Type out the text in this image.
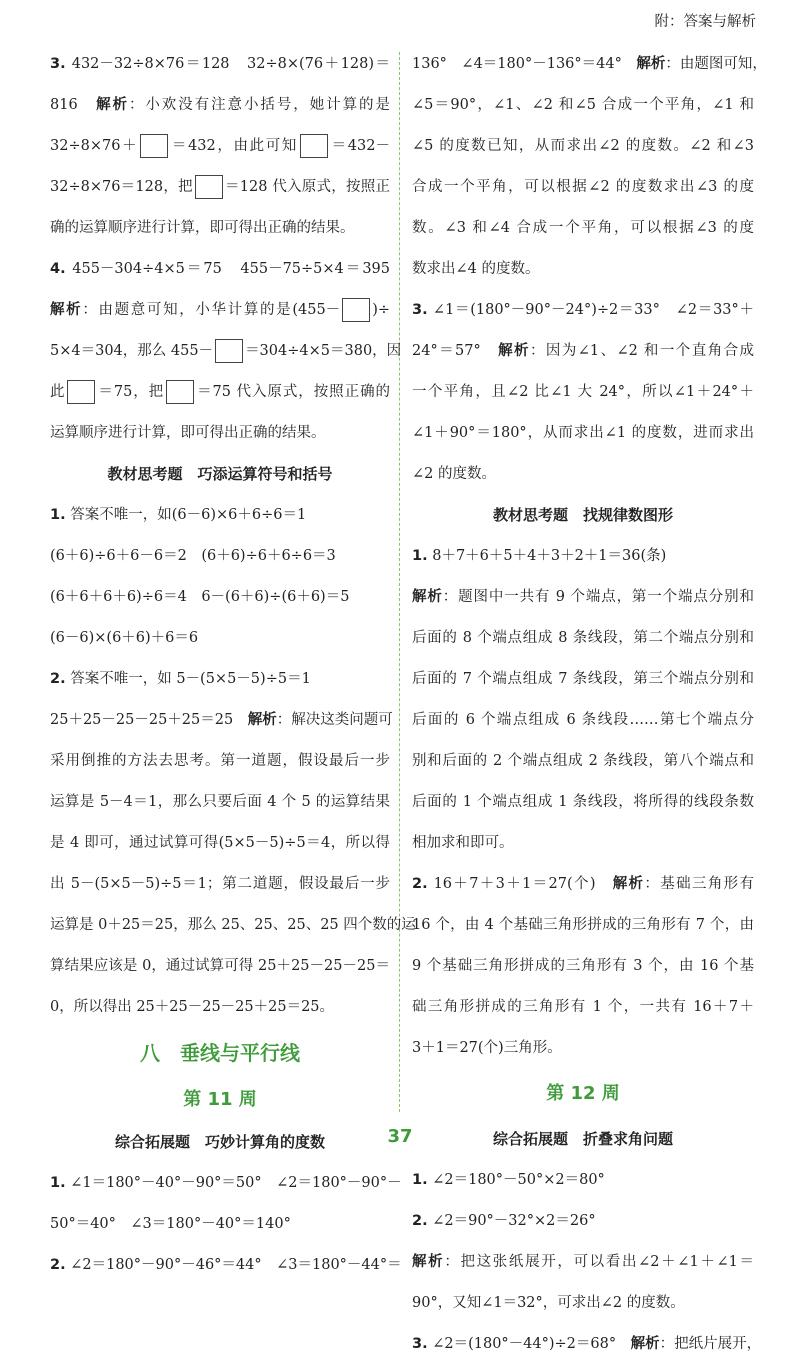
附：答案与解析
3. 432－32÷8×76＝128　32÷8×(76＋128)＝
816　解析：小欢没有注意小括号，她计算的是
32÷8×76＋ ＝432，由此可知 ＝432－
32÷8×76＝128，把 ＝128 代入原式，按照正
确的运算顺序进行计算，即可得出正确的结果。
4. 455－304÷4×5＝75　455－75÷5×4＝395
解析：由题意可知，小华计算的是(455－ )÷
5×4＝304，那么 455－ ＝304÷4×5＝380，因
此 ＝75，把 ＝75 代入原式，按照正确的
运算顺序进行计算，即可得出正确的结果。
教材思考题　巧添运算符号和括号
1. 答案不唯一，如(6－6)×6＋6÷6＝1
(6＋6)÷6＋6－6＝2　(6＋6)÷6＋6÷6＝3
(6＋6＋6＋6)÷6＝4　6－(6＋6)÷(6＋6)＝5
(6－6)×(6＋6)＋6＝6
2. 答案不唯一，如 5－(5×5－5)÷5＝1
25＋25－25－25＋25＝25　解析：解决这类问题可
采用倒推的方法去思考。第一道题，假设最后一步
运算是 5－4＝1，那么只要后面 4 个 5 的运算结果
是 4 即可，通过试算可得(5×5－5)÷5＝4，所以得
出 5－(5×5－5)÷5＝1；第二道题，假设最后一步
运算是 0＋25＝25，那么 25、25、25、25 四个数的运
算结果应该是 0，通过试算可得 25＋25－25－25＝
0，所以得出 25＋25－25－25＋25＝25。
八　垂线与平行线
第 11 周
综合拓展题　巧妙计算角的度数
1. ∠1＝180°－40°－90°＝50°　∠2＝180°－90°－
50°＝40°　∠3＝180°－40°＝140°
2. ∠2＝180°－90°－46°＝44°　∠3＝180°－44°＝
136°　∠4＝180°－136°＝44°　解析：由题图可知，
∠5＝90°，∠1、∠2 和∠5 合成一个平角，∠1 和
∠5 的度数已知，从而求出∠2 的度数。∠2 和∠3
合成一个平角，可以根据∠2 的度数求出∠3 的度
数。∠3 和∠4 合成一个平角，可以根据∠3 的度
数求出∠4 的度数。
3. ∠1＝(180°－90°－24°)÷2＝33°　∠2＝33°＋
24°＝57°　解析：因为∠1、∠2 和一个直角合成
一个平角，且∠2 比∠1 大 24°，所以∠1＋24°＋
∠1＋90°＝180°，从而求出∠1 的度数，进而求出
∠2 的度数。
教材思考题　找规律数图形
1. 8＋7＋6＋5＋4＋3＋2＋1＝36(条)
解析：题图中一共有 9 个端点，第一个端点分别和
后面的 8 个端点组成 8 条线段，第二个端点分别和
后面的 7 个端点组成 7 条线段，第三个端点分别和
后面的 6 个端点组成 6 条线段……第七个端点分
别和后面的 2 个端点组成 2 条线段，第八个端点和
后面的 1 个端点组成 1 条线段，将所得的线段条数
相加求和即可。
2. 16＋7＋3＋1＝27(个)　解析：基础三角形有
16 个，由 4 个基础三角形拼成的三角形有 7 个，由
9 个基础三角形拼成的三角形有 3 个，由 16 个基
础三角形拼成的三角形有 1 个，一共有 16＋7＋
3＋1＝27(个)三角形。
第 12 周
综合拓展题　折叠求角问题
1. ∠2＝180°－50°×2＝80°
2. ∠2＝90°－32°×2＝26°
解析：把这张纸展开，可以看出∠2＋∠1＋∠1＝
90°，又知∠1＝32°，可求出∠2 的度数。
3. ∠2＝(180°－44°)÷2＝68°　解析：把纸片展开，
37
